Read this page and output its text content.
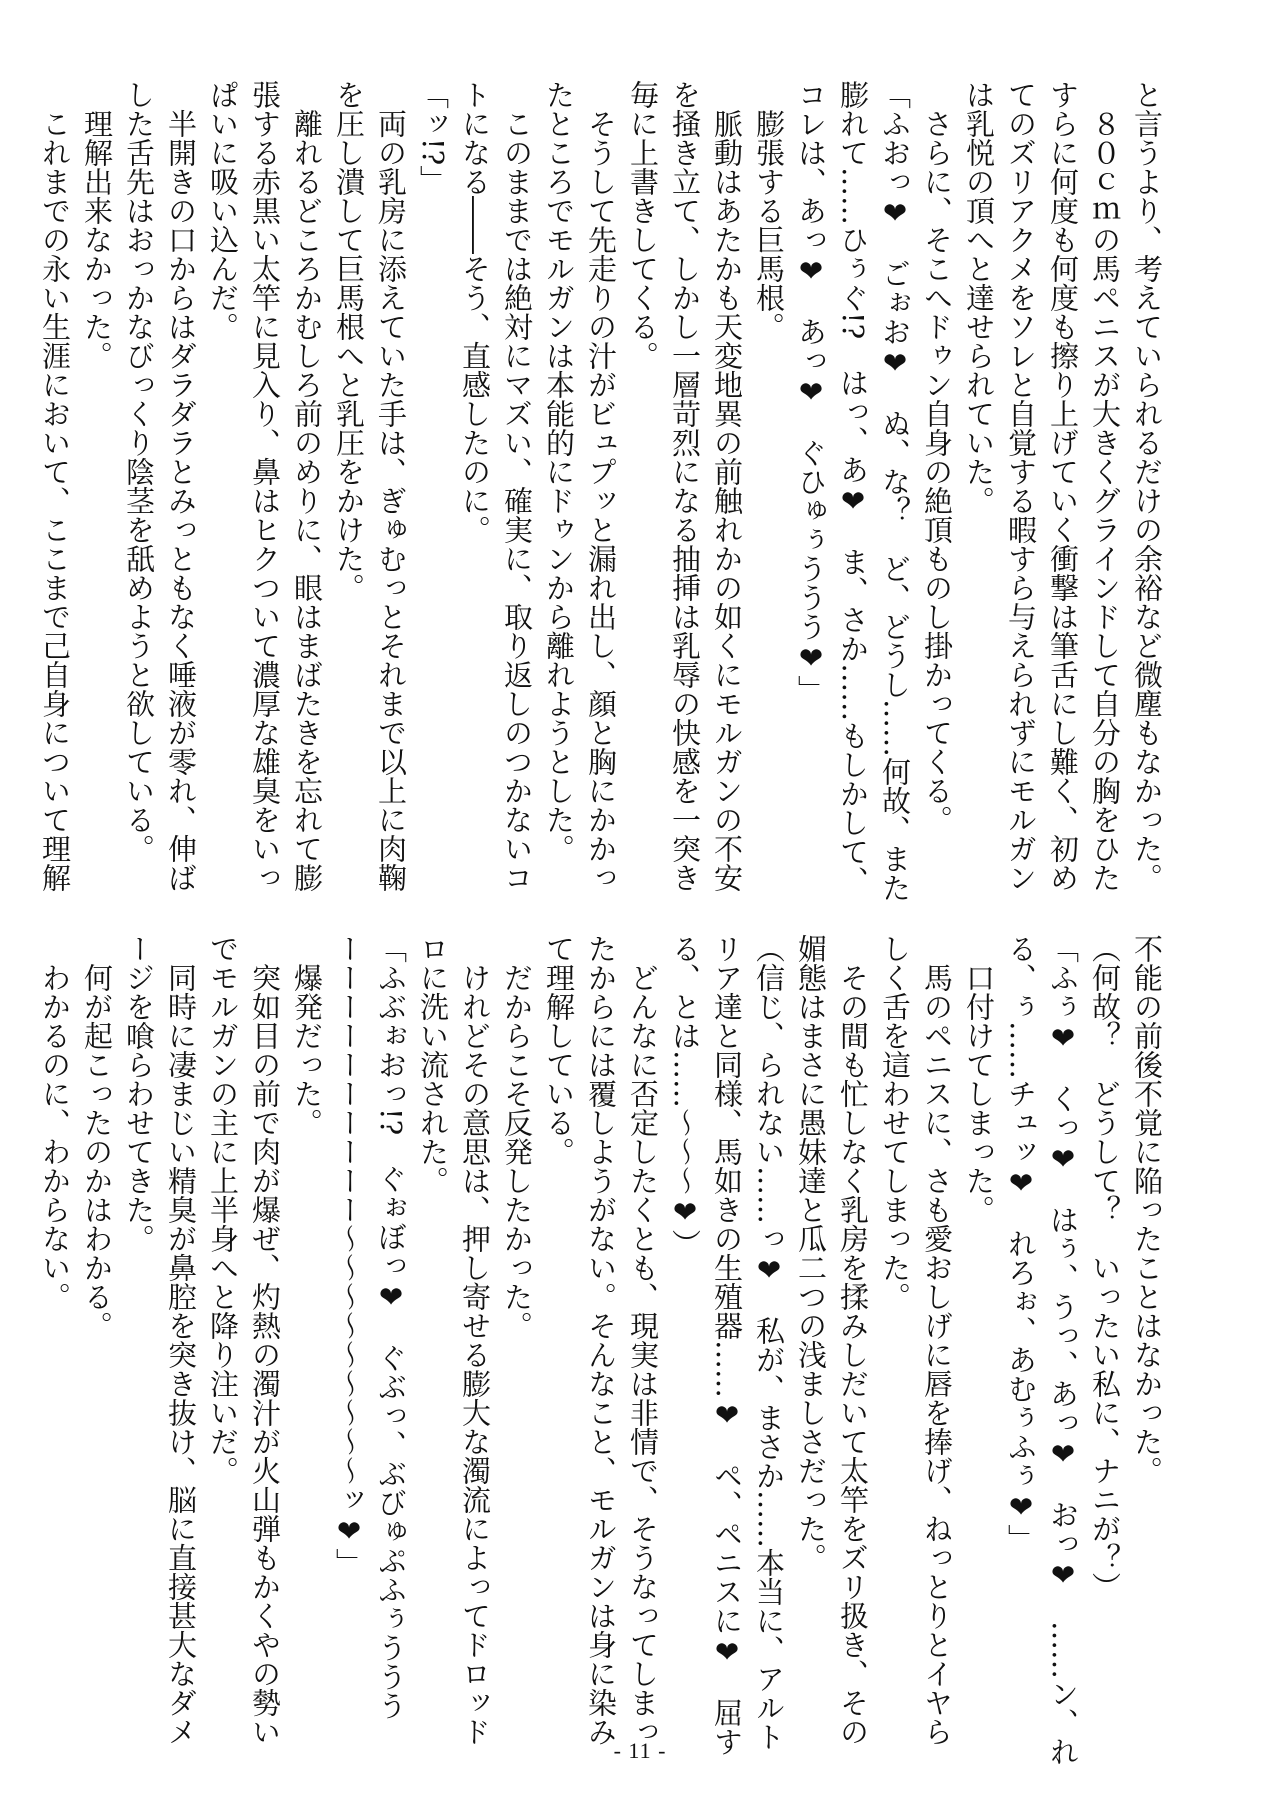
と言うより、考えていられるだけの余裕など微塵もなかった。
　８０ｃｍの馬ペニスが大きくグラインドして自分の胸をひた
すらに何度も何度も擦り上げていく衝撃は筆舌にし難く、初め
てのズリアクメをソレと自覚する暇すら与えられずにモルガン
は乳悦の頂へと達せられていた。
　さらに、そこへドゥン自身の絶頂ものし掛かってくる。
「ふおっ❤　ごぉお❤　ぬ、な？　ど、どうし……何故、また
膨れて……ひぅぐ!?　はっ、あ❤　ま、さか……もしかして、
コレは、あっ❤　あっ❤　ぐひゅぅううう❤」
　膨張する巨馬根。
　脈動はあたかも天変地異の前触れかの如くにモルガンの不安
を掻き立て、しかし一層苛烈になる抽挿は乳辱の快感を一突き
毎に上書きしてくる。
　そうして先走りの汁がビュプッと漏れ出し、顔と胸にかかっ
たところでモルガンは本能的にドゥンから離れようとした。
　このままでは絶対にマズい、確実に、取り返しのつかないコ
トになる――そう、直感したのに。
「ッ!?」
　両の乳房に添えていた手は、ぎゅむっとそれまで以上に肉鞠
を圧し潰して巨馬根へと乳圧をかけた。
　離れるどころかむしろ前のめりに、眼はまばたきを忘れて膨
張する赤黒い太竿に見入り、鼻はヒクついて濃厚な雄臭をいっ
ぱいに吸い込んだ。
　半開きの口からはダラダラとみっともなく唾液が零れ、伸ば
した舌先はおっかなびっくり陰茎を舐めようと欲している。
　理解出来なかった。
　これまでの永い生涯において、ここまで己自身について理解
不能の前後不覚に陥ったことはなかった。
（何故？　どうして？　いったい私に、ナニが？）
「ふぅ❤　くっ❤　はぅ、うっ、あっ❤　おっ❤　……ン、れ
る、ぅ……チュッ❤　れろぉ、あむぅふぅ❤」
　口付けてしまった。
　馬のペニスに、さも愛おしげに唇を捧げ、ねっとりとイヤら
しく舌を這わせてしまった。
　その間も忙しなく乳房を揉みしだいて太竿をズリ扱き、その
媚態はまさに愚妹達と瓜二つの浅ましさだった。
（信じ、られない……っ❤　私が、まさか……本当に、アルト
リア達と同様、馬如きの生殖器……❤　ペ、ペニスに❤　屈す
る、とは……～～～❤）
　どんなに否定したくとも、現実は非情で、そうなってしまっ
たからには覆しようがない。そんなこと、モルガンは身に染み
て理解している。
　だからこそ反発したかった。
　けれどその意思は、押し寄せる膨大な濁流によってドロッド
ロに洗い流された。
「ふぶぉおっ!?　ぐぉぼっ❤　ぐぶっ、ぶびゅぷふぅううう
ーーーーーーーーーー～～～～～～～～～ッ❤」
　爆発だった。
　突如目の前で肉が爆ぜ、灼熱の濁汁が火山弾もかくやの勢い
でモルガンの主に上半身へと降り注いだ。
　同時に凄まじい精臭が鼻腔を突き抜け、脳に直接甚大なダメ
ージを喰らわせてきた。
　何が起こったのかはわかる。
　わかるのに、わからない。
- 11 -
